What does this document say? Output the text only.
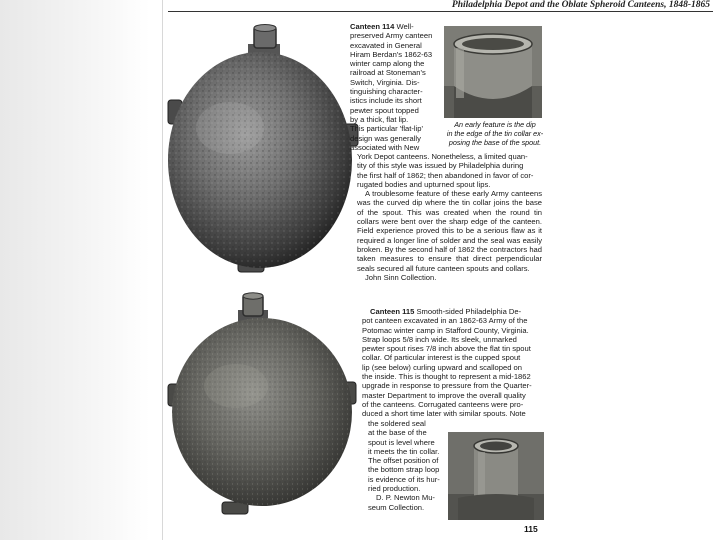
Philadelphia Depot and the Oblate Spheroid Canteens, 1848-1865

Canteen 114 Well-

preserved Army canteen

excavated in General

Hiram Berdan's 1862-63

winter camp along the

railroad at Stoneman's

Switch, Virginia. Dis-

tinguishing character-

istics include its short

pewter spout topped

by a thick, flat lip.

This particular 'flat-lip'

design was generally

associated with New

An early feature is the dip
in the edge of the tin collar ex-
posing the base of the spout.

York Depot canteens. Nonetheless, a limited quan-

tity of this style was issued by Philadelphia during

the first half of 1862; then abandoned in favor of cor-

rugated bodies and upturned spout lips.

A troublesome feature of these early Army canteens was the curved dip where the tin collar joins the base of the spout. This was created when the round tin collars were bent over the sharp edge of the canteen. Field experience proved this to be a serious flaw as it required a longer line of solder and the seal was easily broken. By the second half of 1862 the contractors had taken measures to ensure that direct perpendicular seals secured all future canteen spouts and collars.

John Sinn Collection.

Canteen 115 Smooth-sided Philadelphia De-

pot canteen excavated in an 1862-63 Army of the

Potomac winter camp in Stafford County, Virginia.

Strap loops 5/8 inch wide. Its sleek, unmarked

pewter spout rises 7/8 inch above the flat tin spout

collar. Of particular interest is the cupped spout

lip (see below) curling upward and scalloped on

the inside. This is thought to represent a mid-1862

upgrade in response to pressure from the Quarter-

master Department to improve the overall quality

of the canteens. Corrugated canteens were pro-

duced a short time later with similar spouts. Note

the soldered seal

at the base of the

spout is level where

it meets the tin collar.

The offset position of

the bottom strap loop

is evidence of its hur-

ried production.

D. P. Newton Mu-

seum Collection.

115
